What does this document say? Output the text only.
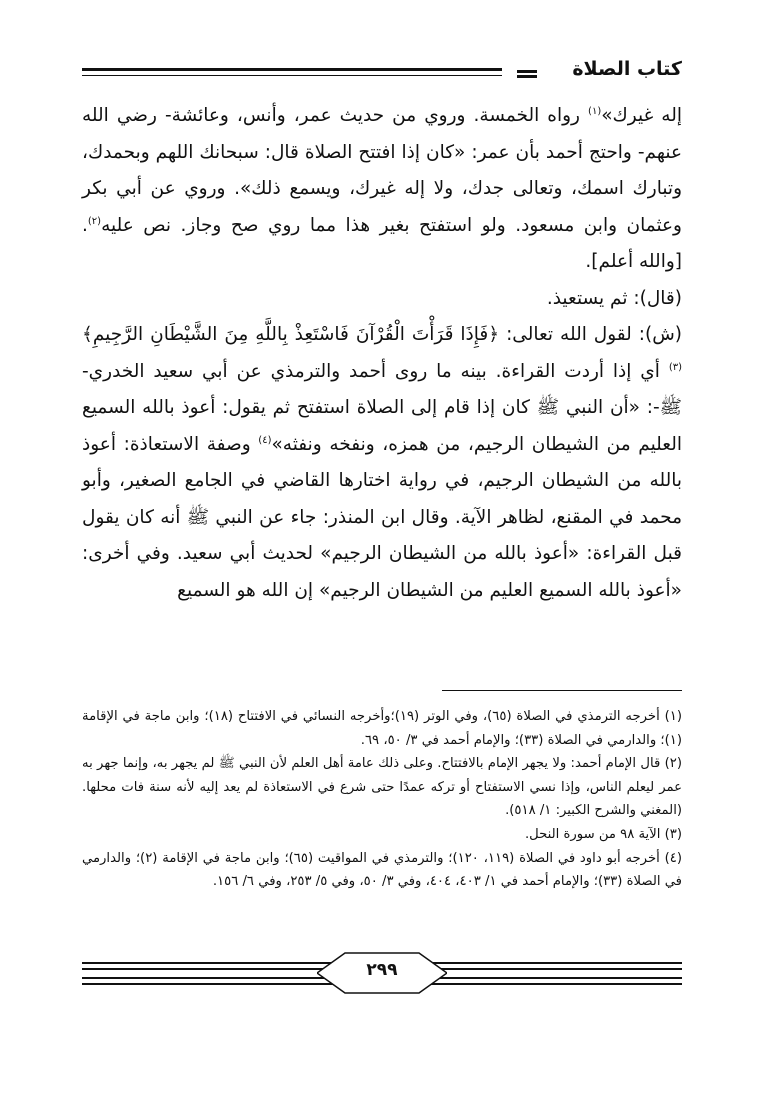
كتاب الصلاة

إله غيرك»$^{(١)}$ رواه الخمسة. وروي من حديث عمر، وأنس، وعائشة- رضي الله عنهم- واحتج أحمد بأن عمر: «كان إذا افتتح الصلاة قال: سبحانك اللهم وبحمدك، وتبارك اسمك، وتعالى جدك، ولا إله غيرك، ويسمع ذلك». وروي عن أبي بكر وعثمان وابن مسعود. ولو استفتح بغير هذا مما روي صح وجاز. نص عليه$^{(٢)}$. [والله أعلم].

(قال): ثم يستعيذ.

(ش): لقول الله تعالى: ﴿فَإِذَا قَرَأْتَ الْقُرْآنَ فَاسْتَعِذْ بِاللَّهِ مِنَ الشَّيْطَانِ الرَّجِيمِ﴾$^{(٣)}$ أي إذا أردت القراءة. بينه ما روى أحمد والترمذي عن أبي سعيد الخدري- ﷺ-: «أن النبي ﷺ كان إذا قام إلى الصلاة استفتح ثم يقول: أعوذ بالله السميع العليم من الشيطان الرجيم، من همزه، ونفخه ونفثه»$^{(٤)}$ وصفة الاستعاذة: أعوذ بالله من الشيطان الرجيم، في رواية اختارها القاضي في الجامع الصغير، وأبو محمد في المقنع، لظاهر الآية. وقال ابن المنذر: جاء عن النبي ﷺ أنه كان يقول قبل القراءة: «أعوذ بالله من الشيطان الرجيم» لحديث أبي سعيد. وفي أخرى: «أعوذ بالله السميع العليم من الشيطان الرجيم» إن الله هو السميع

(١) أخرجه الترمذي في الصلاة (٦٥)، وفي الوتر (١٩)؛وأخرجه النسائي في الافتتاح (١٨)؛ وابن ماجة في الإقامة (١)؛ والدارمي في الصلاة (٣٣)؛ والإمام أحمد في ٣/ ٥٠، ٦٩.

(٢) قال الإمام أحمد: ولا يجهر الإمام بالافتتاح. وعلى ذلك عامة أهل العلم لأن النبي ﷺ لم يجهر به، وإنما جهر به عمر ليعلم الناس، وإذا نسي الاستفتاح أو تركه عمدًا حتى شرع في الاستعاذة لم يعد إليه لأنه سنة فات محلها. (المغني والشرح الكبير: ١/ ٥١٨).

(٣) الآية ٩٨ من سورة النحل.

(٤) أخرجه أبو داود في الصلاة (١١٩، ١٢٠)؛ والترمذي في المواقيت (٦٥)؛ وابن ماجة في الإقامة (٢)؛ والدارمي في الصلاة (٣٣)؛ والإمام أحمد في ١/ ٤٠٣، ٤٠٤، وفي ٣/ ٥٠، وفي ٥/ ٢٥٣، وفي ٦/ ١٥٦.

٢٩٩
